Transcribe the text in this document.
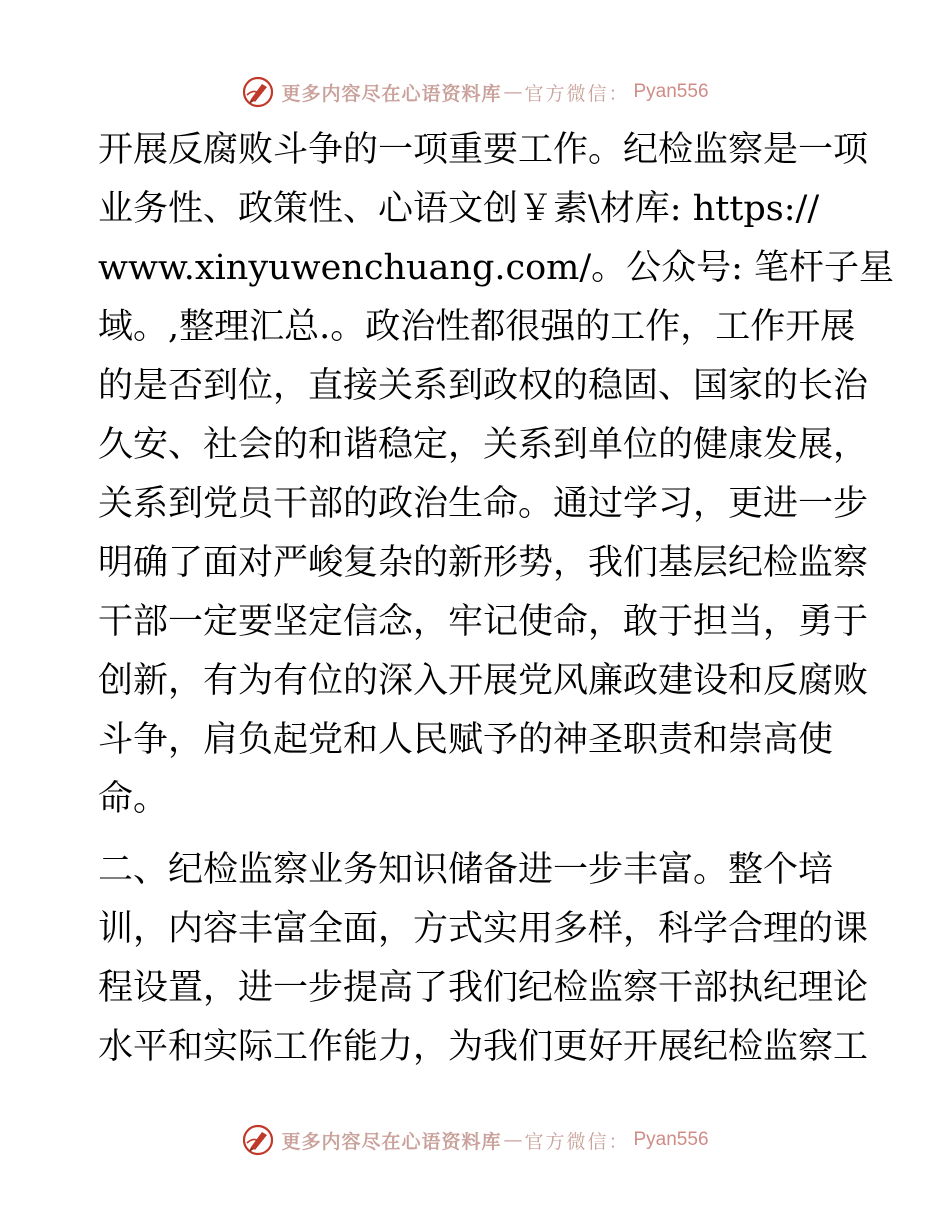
更多内容尽在心语资料库 — 官方微信： Pyan556
开展反腐败斗争的一项重要工作。纪检监察是一项
业务性、政策性、心语文创￥素\材库: https://
www.xinyuwenchuang.com/。公众号: 笔杆子星
域。,整理汇总.。政治性都很强的工作，工作开展
的是否到位，直接关系到政权的稳固、国家的长治
久安、社会的和谐稳定，关系到单位的健康发展，
关系到党员干部的政治生命。通过学习，更进一步
明确了面对严峻复杂的新形势，我们基层纪检监察
干部一定要坚定信念，牢记使命，敢于担当，勇于
创新，有为有位的深入开展党风廉政建设和反腐败
斗争，肩负起党和人民赋予的神圣职责和崇高使
命。
二、纪检监察业务知识储备进一步丰富。整个培
训，内容丰富全面，方式实用多样，科学合理的课
程设置，进一步提高了我们纪检监察干部执纪理论
水平和实际工作能力，为我们更好开展纪检监察工
更多内容尽在心语资料库 — 官方微信： Pyan556
